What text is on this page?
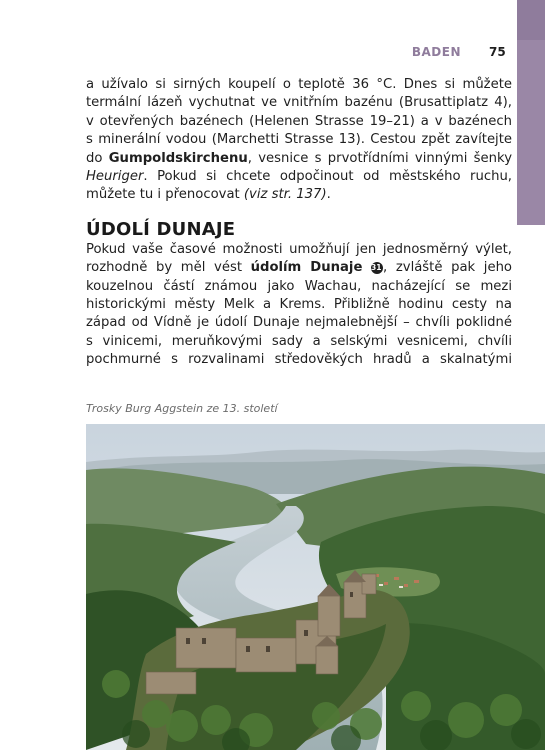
BADEN 75

a užívalo si sirných koupelí o teplotě 36 °C. Dnes si můžete

termální lázeň vychutnat ve vnitřním bazénu (Brusattiplatz 4),

v otevřených bazénech (Helenen Strasse 19–21) a v bazénech

s minerální vodou (Marchetti Strasse 13). Cestou zpět zavítejte

do Gumpoldskirchenu, vesnice s prvotřídními vinnými šenky

Heuriger. Pokud si chcete odpočinout od městského ruchu,

můžete tu i přenocovat (viz str. 137).

ÚDOLÍ DUNAJE

Pokud vaše časové možnosti umožňují jen jednosměrný výlet,

rozhodně by měl vést údolím Dunaje 31 , zvláště pak jeho

kouzelnou částí známou jako Wachau, nacházející se mezi

historickými městy Melk a Krems. Přibližně hodinu cesty na

západ od Vídně je údolí Dunaje nejmalebnější – chvíli poklidné

s vinicemi, meruňkovými sady a selskými vesnicemi, chvíli

pochmurné s rozvalinami středověkých hradů a skalnatými

Trosky Burg Aggstein ze 13. století
